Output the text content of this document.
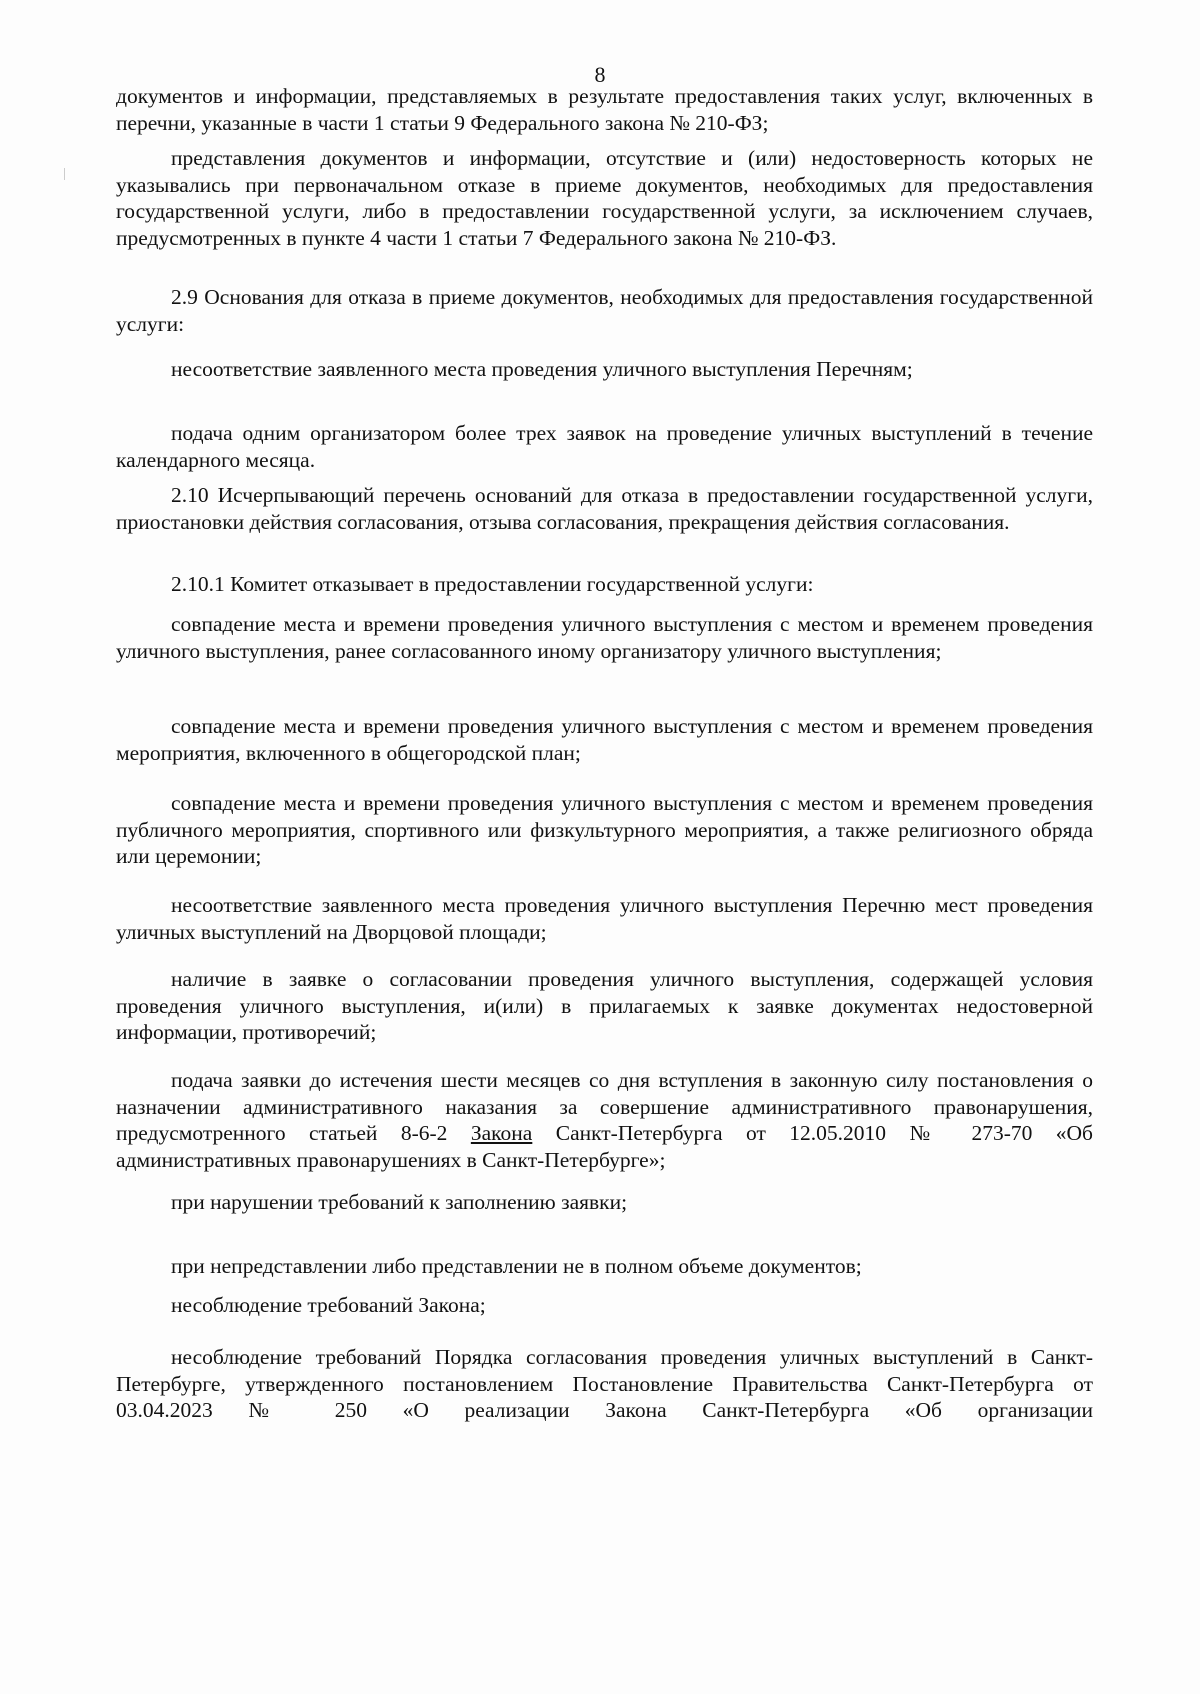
8
документов и информации, представляемых в результате предоставления таких услуг, включенных в перечни, указанные в части 1 статьи 9 Федерального закона № 210-ФЗ;
представления документов и информации, отсутствие и (или) недостоверность которых не указывались при первоначальном отказе в приеме документов, необходимых для предоставления государственной услуги, либо в предоставлении государственной услуги, за исключением случаев, предусмотренных в пункте 4 части 1 статьи 7 Федерального закона № 210-ФЗ.
2.9 Основания для отказа в приеме документов, необходимых для предоставления государственной услуги:
несоответствие заявленного места проведения уличного выступления Перечням;
подача одним организатором более трех заявок на проведение уличных выступлений в течение календарного месяца.
2.10 Исчерпывающий перечень оснований для отказа в предоставлении государственной услуги, приостановки действия согласования, отзыва согласования, прекращения действия согласования.
2.10.1 Комитет отказывает в предоставлении государственной услуги:
совпадение места и времени проведения уличного выступления с местом и временем проведения уличного выступления, ранее согласованного иному организатору уличного выступления;
совпадение места и времени проведения уличного выступления с местом и временем проведения мероприятия, включенного в общегородской план;
совпадение места и времени проведения уличного выступления с местом и временем проведения публичного мероприятия, спортивного или физкультурного мероприятия, а также религиозного обряда или церемонии;
несоответствие заявленного места проведения уличного выступления Перечню мест проведения уличных выступлений на Дворцовой площади;
наличие в заявке о согласовании проведения уличного выступления, содержащей условия проведения уличного выступления, и(или) в прилагаемых к заявке документах недостоверной информации, противоречий;
подача заявки до истечения шести месяцев со дня вступления в законную силу постановления о назначении административного наказания за совершение административного правонарушения, предусмотренного статьей 8-6-2 Закона Санкт-Петербурга от 12.05.2010 № 273-70 «Об административных правонарушениях в Санкт-Петербурге»;
при нарушении требований к заполнению заявки;
при непредставлении либо представлении не в полном объеме документов;
несоблюдение требований Закона;
несоблюдение требований Порядка согласования проведения уличных выступлений в Санкт-Петербурге, утвержденного постановлением Постановление Правительства Санкт-Петербурга от 03.04.2023 № 250 «О реализации Закона Санкт-Петербурга «Об организации
